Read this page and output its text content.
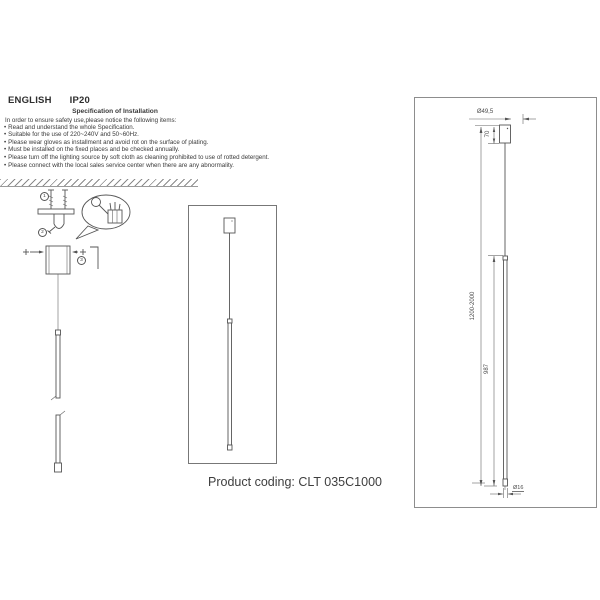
ENGLISH IP20
Specification of Installation
In order to ensure safety use,please notice the following items:
• Read and understand the whole Specification.
• Suitable for the use of 220~240V and 50~60Hz.
• Please wear gloves as installment and avoid rot on the surface of plating.
• Must be installed on the fixed places and be checked annually.
• Please turn off the lighting source by soft cloth as cleaning prohibited to use of rotted detergent.
• Please connect with the local sales service center when there are any abnormality.
1
2
3
Ø49,5
70
1200-2000
987
Ø16
Product coding: CLT 035C1000
